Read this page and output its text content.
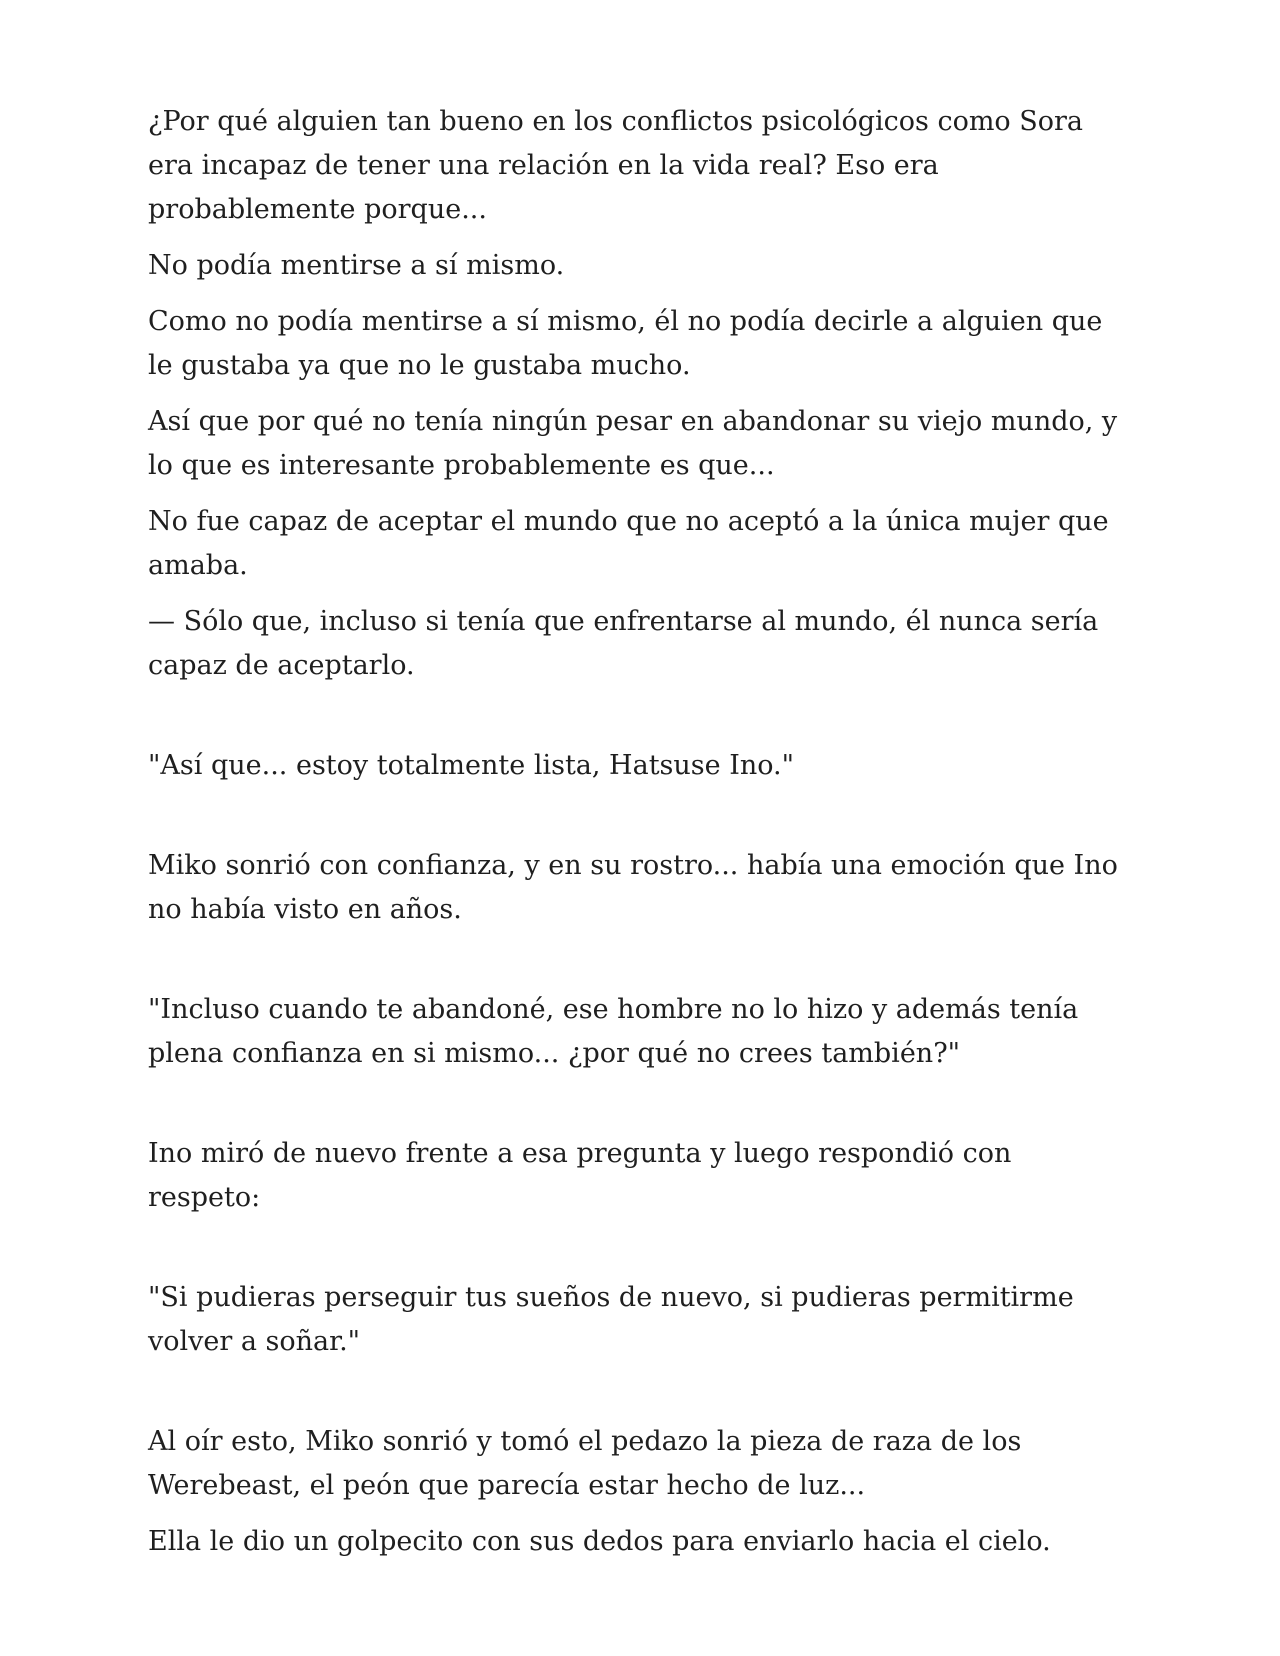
¿Por qué alguien tan bueno en los conflictos psicológicos como Sora era incapaz de tener una relación en la vida real? Eso era probablemente porque...

No podía mentirse a sí mismo.

Como no podía mentirse a sí mismo, él no podía decirle a alguien que le gustaba ya que no le gustaba mucho.

Así que por qué no tenía ningún pesar en abandonar su viejo mundo, y lo que es interesante probablemente es que...

No fue capaz de aceptar el mundo que no aceptó a la única mujer que amaba.

— Sólo que, incluso si tenía que enfrentarse al mundo, él nunca sería capaz de aceptarlo.

"Así que... estoy totalmente lista, Hatsuse Ino."

Miko sonrió con confianza, y en su rostro... había una emoción que Ino no había visto en años.

"Incluso cuando te abandoné, ese hombre no lo hizo y además tenía plena confianza en si mismo... ¿por qué no crees también?"

Ino miró de nuevo frente a esa pregunta y luego respondió con respeto:

"Si pudieras perseguir tus sueños de nuevo, si pudieras permitirme volver a soñar."

Al oír esto, Miko sonrió y tomó el pedazo la pieza de raza de los Werebeast, el peón que parecía estar hecho de luz...

Ella le dio un golpecito con sus dedos para enviarlo hacia el cielo.
